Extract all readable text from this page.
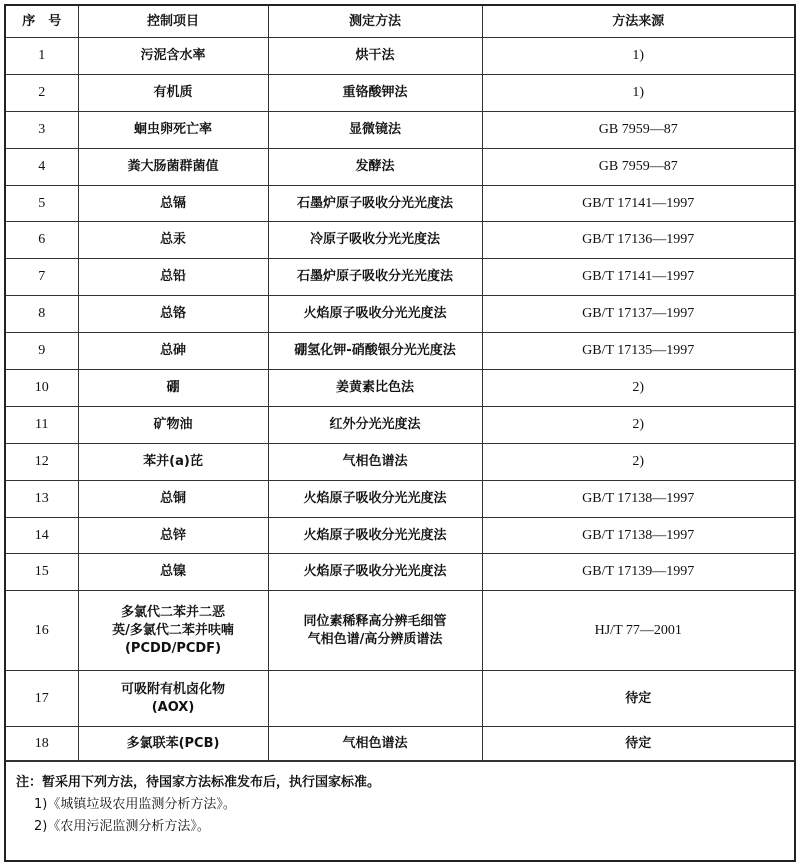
序　号	控制项目	测定方法	方法来源
1	污泥含水率	烘干法	1)
2	有机质	重铬酸钾法	1)
3	蛔虫卵死亡率	显微镜法	GB 7959—87
4	粪大肠菌群菌值	发酵法	GB 7959—87
5	总镉	石墨炉原子吸收分光光度法	GB/T 17141—1997
6	总汞	冷原子吸收分光光度法	GB/T 17136—1997
7	总铅	石墨炉原子吸收分光光度法	GB/T 17141—1997
8	总铬	火焰原子吸收分光光度法	GB/T 17137—1997
9	总砷	硼氢化钾-硝酸银分光光度法	GB/T 17135—1997
10	硼	姜黄素比色法	2)
11	矿物油	红外分光光度法	2)
12	苯并(a)芘	气相色谱法	2)
13	总铜	火焰原子吸收分光光度法	GB/T 17138—1997
14	总锌	火焰原子吸收分光光度法	GB/T 17138—1997
15	总镍	火焰原子吸收分光光度法	GB/T 17139—1997
16	多氯代二苯并二恶
英/多氯代二苯并呋喃
(PCDD/PCDF)	同位素稀释高分辨毛细管
气相色谱/高分辨质谱法	HJ/T 77—2001
17	可吸附有机卤化物
(AOX)		待定
18	多氯联苯(PCB)	气相色谱法	待定
注：暂采用下列方法，待国家方法标准发布后，执行国家标准。
1)《城镇垃圾农用监测分析方法》。
2)《农用污泥监测分析方法》。
